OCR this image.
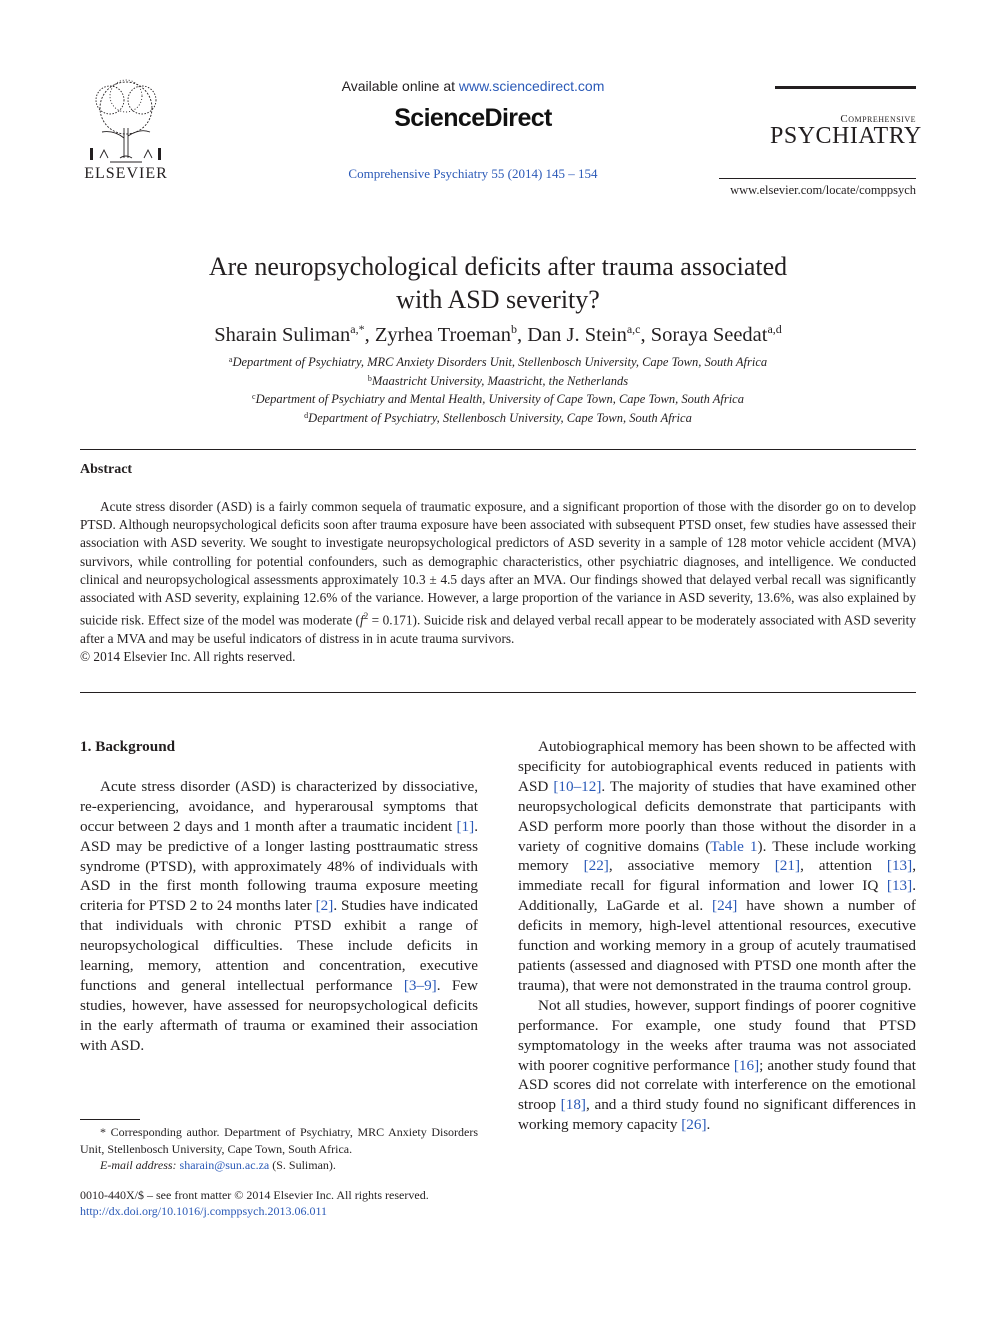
ELSEVIER
Available online at www.sciencedirect.com
ScienceDirect
Comprehensive Psychiatry 55 (2014) 145 – 154
Comprehensive
PSYCHIATRY
www.elsevier.com/locate/comppsych
Are neuropsychological deficits after trauma associated
with ASD severity?
Sharain Suliman$^{a,*}$, Zyrhea Troeman$^b$, Dan J. Stein$^{a,c}$, Soraya Seedat$^{a,d}$
$^a$Department of Psychiatry, MRC Anxiety Disorders Unit, Stellenbosch University, Cape Town, South Africa
$^b$Maastricht University, Maastricht, the Netherlands
$^c$Department of Psychiatry and Mental Health, University of Cape Town, Cape Town, South Africa
$^d$Department of Psychiatry, Stellenbosch University, Cape Town, South Africa
Abstract

Acute stress disorder (ASD) is a fairly common sequela of traumatic exposure, and a significant proportion of those with the disorder go on to develop PTSD. Although neuropsychological deficits soon after trauma exposure have been associated with subsequent PTSD onset, few studies have assessed their association with ASD severity. We sought to investigate neuropsychological predictors of ASD severity in a sample of 128 motor vehicle accident (MVA) survivors, while controlling for potential confounders, such as demographic characteristics, other psychiatric diagnoses, and intelligence. We conducted clinical and neuropsychological assessments approximately 10.3 ± 4.5 days after an MVA. Our findings showed that delayed verbal recall was significantly associated with ASD severity, explaining 12.6% of the variance. However, a large proportion of the variance in ASD severity, 13.6%, was also explained by suicide risk. Effect size of the model was moderate $(f^2 = 0.171)$. Suicide risk and delayed verbal recall appear to be moderately associated with ASD severity after a MVA and may be useful indicators of distress in in acute trauma survivors.

© 2014 Elsevier Inc. All rights reserved.

1. Background

Acute stress disorder (ASD) is characterized by dissociative, re-experiencing, avoidance, and hyperarousal symptoms that occur between 2 days and 1 month after a traumatic incident [1]. ASD may be predictive of a longer lasting posttraumatic stress syndrome (PTSD), with approximately 48% of individuals with ASD in the first month following trauma exposure meeting criteria for PTSD 2 to 24 months later [2]. Studies have indicated that individuals with chronic PTSD exhibit a range of neuropsychological difficulties. These include deficits in learning, memory, attention and concentration, executive functions and general intellectual performance [3–9]. Few studies, however, have assessed for neuropsychological deficits in the early aftermath of trauma or examined their association with ASD.

Autobiographical memory has been shown to be affected with specificity for autobiographical events reduced in patients with ASD [10–12]. The majority of studies that have examined other neuropsychological deficits demonstrate that participants with ASD perform more poorly than those without the disorder in a variety of cognitive domains (Table 1). These include working memory [22], associative memory [21], attention [13], immediate recall for figural information and lower IQ [13]. Additionally, LaGarde et al. [24] have shown a number of deficits in memory, high-level attentional resources, executive function and working memory in a group of acutely traumatised patients (assessed and diagnosed with PTSD one month after the trauma), that were not demonstrated in the trauma control group.

Not all studies, however, support findings of poorer cognitive performance. For example, one study found that PTSD symptomatology in the weeks after trauma was not associated with poorer cognitive performance [16]; another study found that ASD scores did not correlate with interference on the emotional stroop [18], and a third study found no significant differences in working memory capacity [26].

* Corresponding author. Department of Psychiatry, MRC Anxiety Disorders Unit, Stellenbosch University, Cape Town, South Africa.

E-mail address: sharain@sun.ac.za (S. Suliman).

0010-440X/$ – see front matter © 2014 Elsevier Inc. All rights reserved.
http://dx.doi.org/10.1016/j.comppsych.2013.06.011
